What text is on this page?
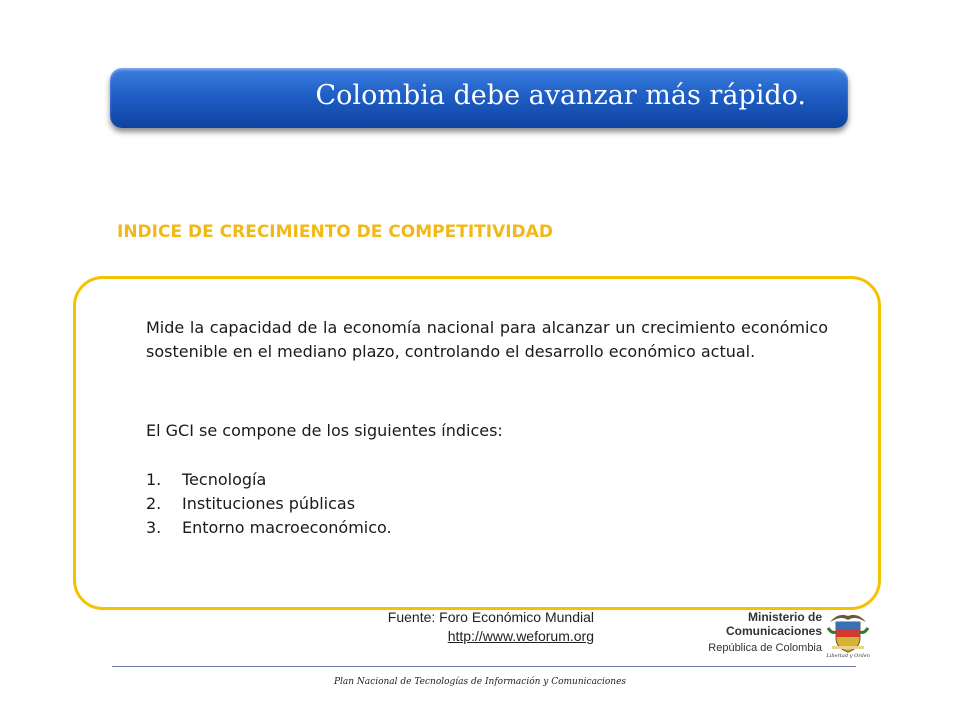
Colombia debe avanzar más rápido.
INDICE DE CRECIMIENTO DE COMPETITIVIDAD

Mide la capacidad de la economía nacional para alcanzar un crecimiento económico sostenible en el mediano plazo, controlando el desarrollo económico actual.

El GCI se compone de los siguientes índices:

1. Tecnología
2. Instituciones públicas
3. Entorno macroeconómico.
Fuente: Foro Económico Mundial
http://www.weforum.org
Ministerio de
Comunicaciones
República de Colombia
Libertad y Orden
Plan Nacional de Tecnologías de Información y Comunicaciones
